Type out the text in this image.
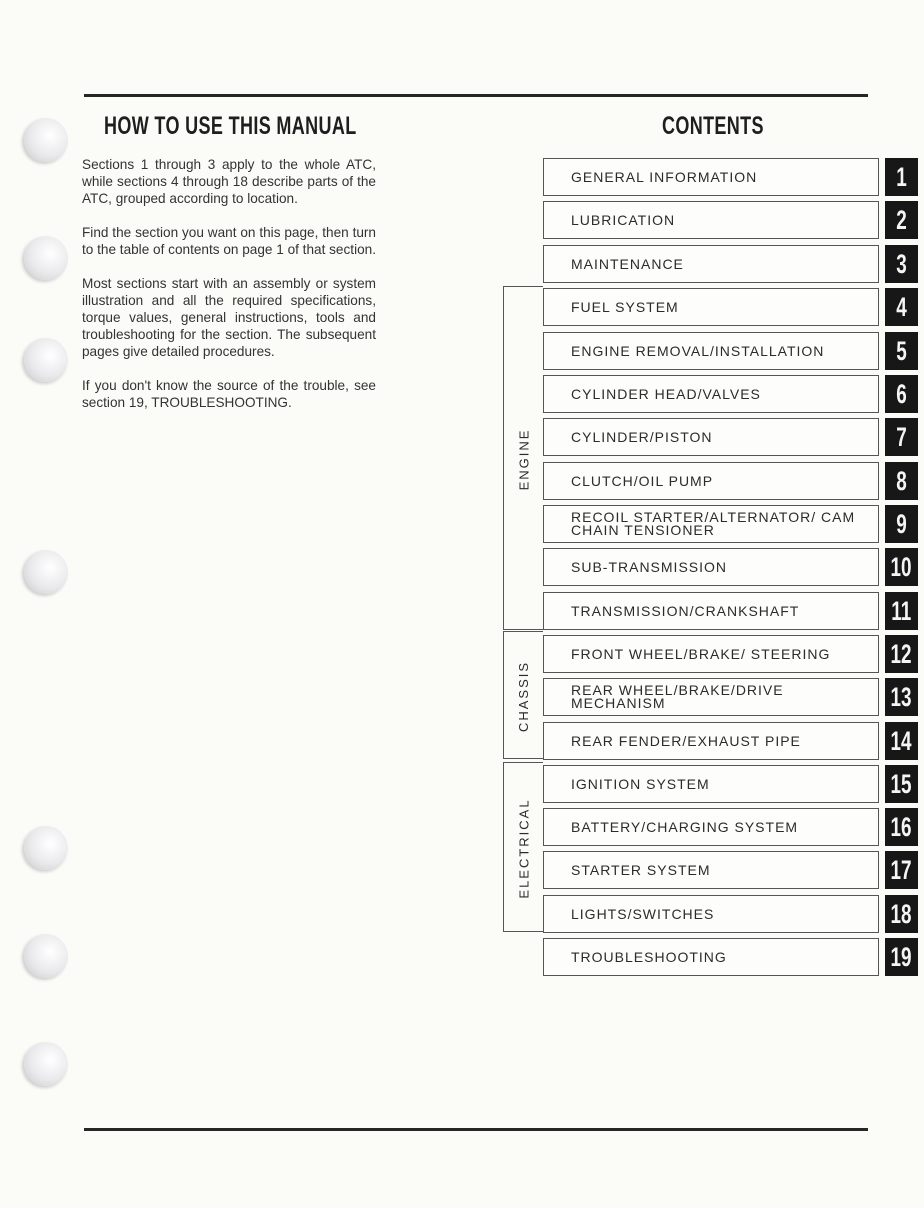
HOW TO USE THIS MANUAL

Sections 1 through 3 apply to the whole ATC, while sections 4 through 18 describe parts of the ATC, grouped according to location.

Find the section you want on this page, then turn to the table of contents on page 1 of that section.

Most sections start with an assembly or system illustration and all the required specifications, torque values, general instructions, tools and troubleshooting for the section. The subsequent pages give detailed procedures.

If you don't know the source of the trouble, see section 19, TROUBLESHOOTING.

CONTENTS
ENGINE
CHASSIS
ELECTRICAL
GENERAL INFORMATION	1
LUBRICATION	2
MAINTENANCE	3
FUEL SYSTEM	4
ENGINE REMOVAL/INSTALLATION	5
CYLINDER HEAD/VALVES	6
CYLINDER/PISTON	7
CLUTCH/OIL PUMP	8
RECOIL STARTER/ALTERNATOR/ CAM CHAIN TENSIONER	9
SUB-TRANSMISSION	10
TRANSMISSION/CRANKSHAFT	11
FRONT WHEEL/BRAKE/ STEERING	12
REAR WHEEL/BRAKE/DRIVE MECHANISM	13
REAR FENDER/EXHAUST PIPE	14
IGNITION SYSTEM	15
BATTERY/CHARGING SYSTEM	16
STARTER SYSTEM	17
LIGHTS/SWITCHES	18
TROUBLESHOOTING	19
